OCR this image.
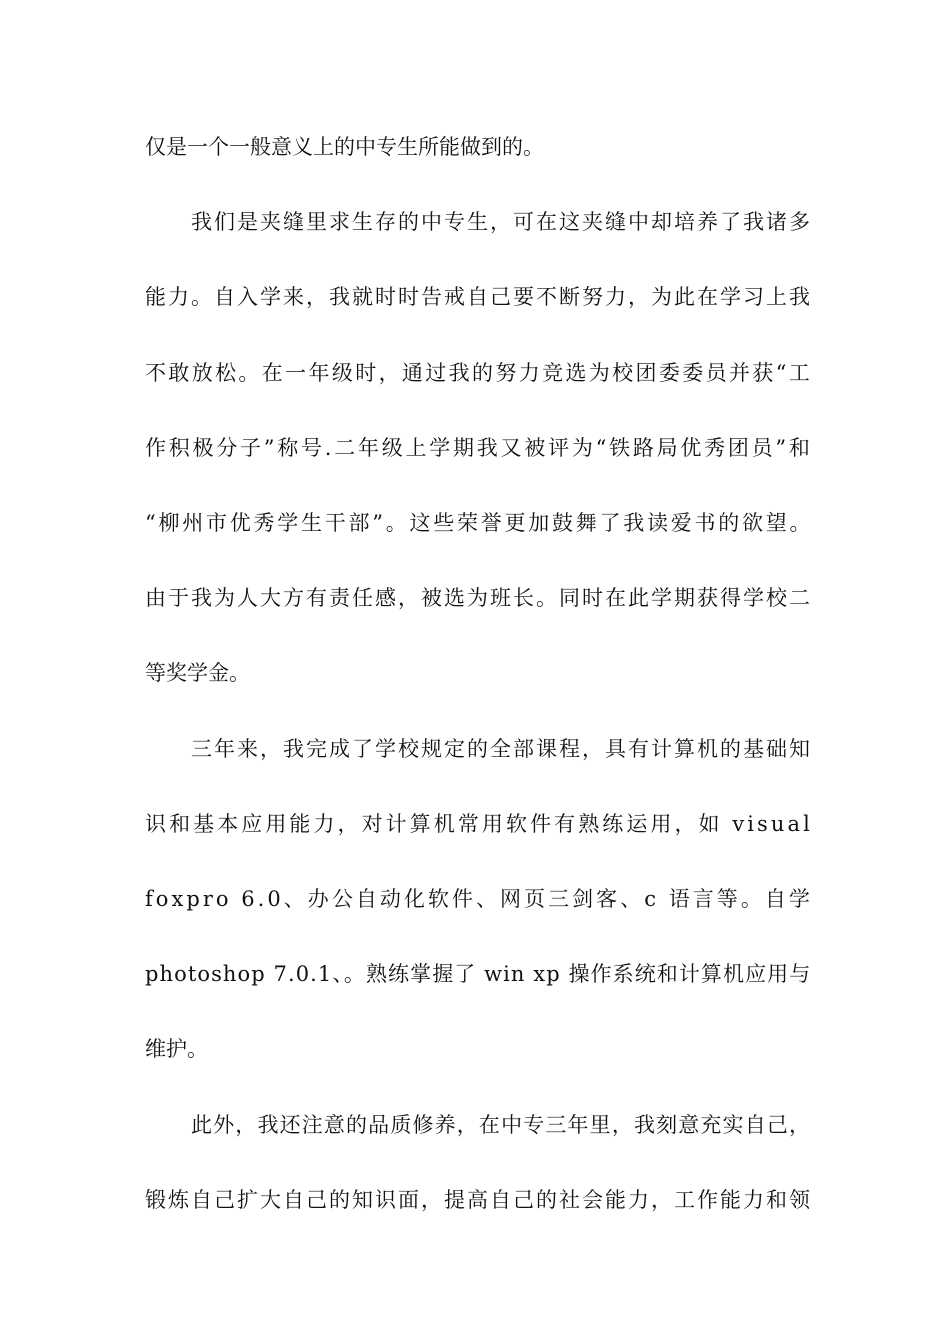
仅是一个一般意义上的中专生所能做到的。
我们是夹缝里求生存的中专生，可在这夹缝中却培养了我诸多
能力。自入学来，我就时时告戒自己要不断努力，为此在学习上我
不敢放松。在一年级时，通过我的努力竞选为校团委委员并获“工
作积极分子”称号.二年级上学期我又被评为“铁路局优秀团员”和
“柳州市优秀学生干部”。这些荣誉更加鼓舞了我读爱书的欲望。
由于我为人大方有责任感，被选为班长。同时在此学期获得学校二
等奖学金。
三年来，我完成了学校规定的全部课程，具有计算机的基础知
识和基本应用能力，对计算机常用软件有熟练运用，如 visual
foxpro 6.0、办公自动化软件、网页三剑客、c 语言等。自学
photoshop 7.0.1、。熟练掌握了 win xp 操作系统和计算机应用与
维护。
此外，我还注意的品质修养，在中专三年里，我刻意充实自己，
锻炼自己扩大自己的知识面，提高自己的社会能力，工作能力和领
